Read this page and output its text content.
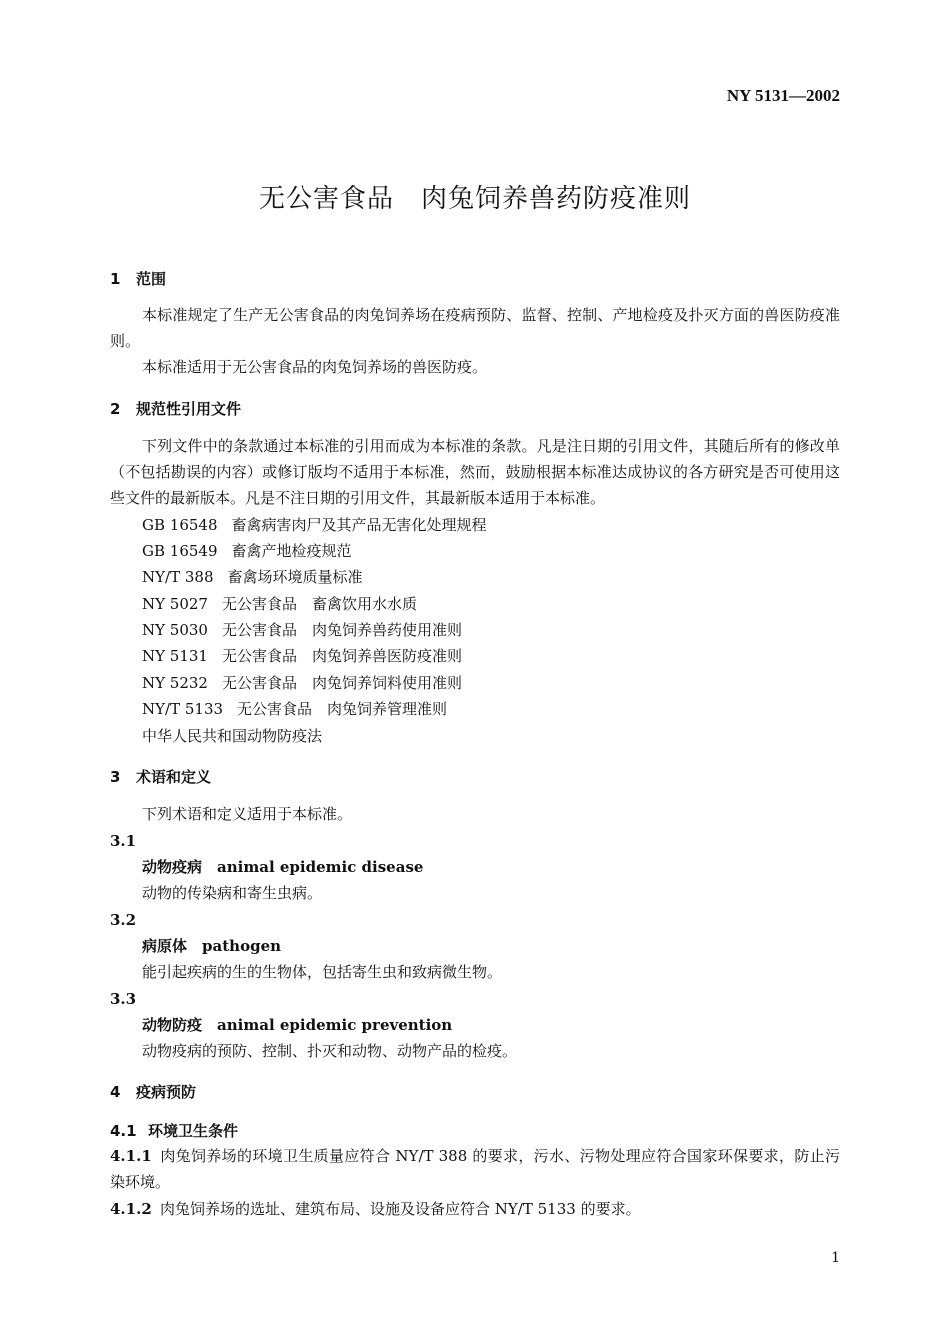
NY 5131—2002
无公害食品　肉兔饲养兽药防疫准则
1 范围
本标准规定了生产无公害食品的肉兔饲养场在疫病预防、监督、控制、产地检疫及扑灭方面的兽医防疫准则。
本标准适用于无公害食品的肉兔饲养场的兽医防疫。
2 规范性引用文件
下列文件中的条款通过本标准的引用而成为本标准的条款。凡是注日期的引用文件，其随后所有的修改单（不包括勘误的内容）或修订版均不适用于本标准，然而，鼓励根据本标准达成协议的各方研究是否可使用这些文件的最新版本。凡是不注日期的引用文件，其最新版本适用于本标准。
GB 16548 畜禽病害肉尸及其产品无害化处理规程
GB 16549 畜禽产地检疫规范
NY/T 388 畜禽场环境质量标准
NY 5027 无公害食品　畜禽饮用水水质
NY 5030 无公害食品　肉兔饲养兽药使用准则
NY 5131 无公害食品　肉兔饲养兽医防疫准则
NY 5232 无公害食品　肉兔饲养饲料使用准则
NY/T 5133 无公害食品　肉兔饲养管理准则
中华人民共和国动物防疫法
3 术语和定义
下列术语和定义适用于本标准。
3.1
动物疫病　 animal epidemic disease
动物的传染病和寄生虫病。
3.2
病原体　 pathogen
能引起疾病的生的生物体，包括寄生虫和致病微生物。
3.3
动物防疫　 animal epidemic prevention
动物疫病的预防、控制、扑灭和动物、动物产品的检疫。
4 疫病预防
4.1 环境卫生条件
4.1.1 肉兔饲养场的环境卫生质量应符合 NY/T 388 的要求，污水、污物处理应符合国家环保要求，防止污染环境。
4.1.2 肉兔饲养场的选址、建筑布局、设施及设备应符合 NY/T 5133 的要求。
1
